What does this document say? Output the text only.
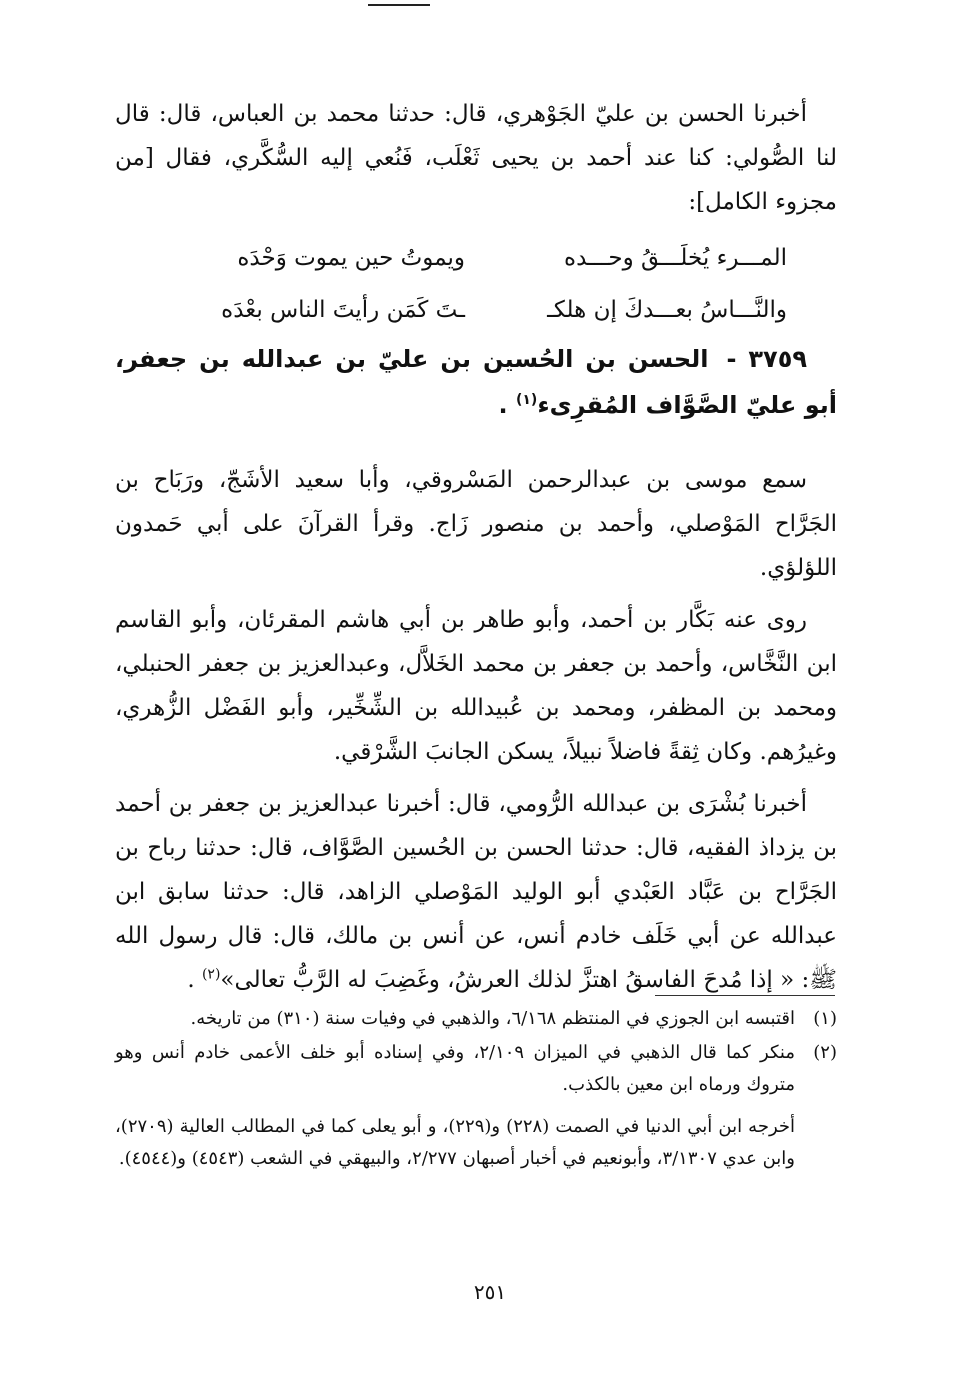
أخبرنا الحسن بن عليّ الجَوْهري، قال: حدثنا محمد بن العباس، قال: قال لنا الصُّولي: كنا عند أحمد بن يحيى ثَعْلَب، فَنُعي إليه السُّكَّري، فقال [من مجزوء الكامل]:

المـــرء يُخلَـــقُ وحـــده
ويموتُ حين يموت وَحْدَه
والنَّـــاسُ بعـــدكَ إن هلكـ
ـتَ كَمَن رأيتَ الناس بعْدَه

٣٧٥٩ - الحسن بن الحُسين بن عليّ بن عبدالله بن جعفر، أبو عليّ الصَّوَّاف المُقرِىء$^{(١)}$ .

سمع موسى بن عبدالرحمن المَسْروقي، وأبا سعيد الأشَجّ، ورَبَاح بن الجَرَّاح المَوْصلي، وأحمد بن منصور زَاج. وقرأ القرآنَ على أبي حَمدون اللؤلؤي.

روى عنه بَكَّار بن أحمد، وأبو طاهر بن أبي هاشم المقرئان، وأبو القاسم ابن النَّخَّاس، وأحمد بن جعفر بن محمد الخَلاَّل، وعبدالعزيز بن جعفر الحنبلي، ومحمد بن المظفر، ومحمد بن عُبيدالله بن الشِّخِّير، وأبو الفَضْل الزُّهري، وغيرُهم. وكان ثِقةً فاضلاً نبيلاً، يسكن الجانبَ الشَّرْقي.

أخبرنا بُشْرَى بن عبدالله الرُّومي، قال: أخبرنا عبدالعزيز بن جعفر بن أحمد بن يزداذ الفقيه، قال: حدثنا الحسن بن الحُسين الصَّوَّاف، قال: حدثنا رباح بن الجَرَّاح بن عَبَّاد العَبْدي أبو الوليد المَوْصلي الزاهد، قال: حدثنا سابق ابن عبدالله عن أبي خَلَف خادم أنس، عن أنس بن مالك، قال: قال رسول الله ﷺ: « إذا مُدحَ الفاسقُ اهتزَّ لذلك العرشُ، وغَضِبَ له الرَّبُّ تعالى»$^{(٢)}$ .

(١)
اقتبسه ابن الجوزي في المنتظم ٦/١٦٨، والذهبي في وفيات سنة (٣١٠) من تاريخه.
(٢)
منكر كما قال الذهبي في الميزان ٢/١٠٩، وفي إسناده أبو خلف الأعمى خادم أنس وهو متروك ورماه ابن معين بالكذب.
أخرجه ابن أبي الدنيا في الصمت (٢٢٨) و(٢٢٩)، و أبو يعلى كما في المطالب العالية (٢٧٠٩)، وابن عدي ٣/١٣٠٧، وأبونعيم في أخبار أصبهان ٢/٢٧٧، والبيهقي في الشعب (٤٥٤٣) و(٤٥٤٤).
٢٥١
